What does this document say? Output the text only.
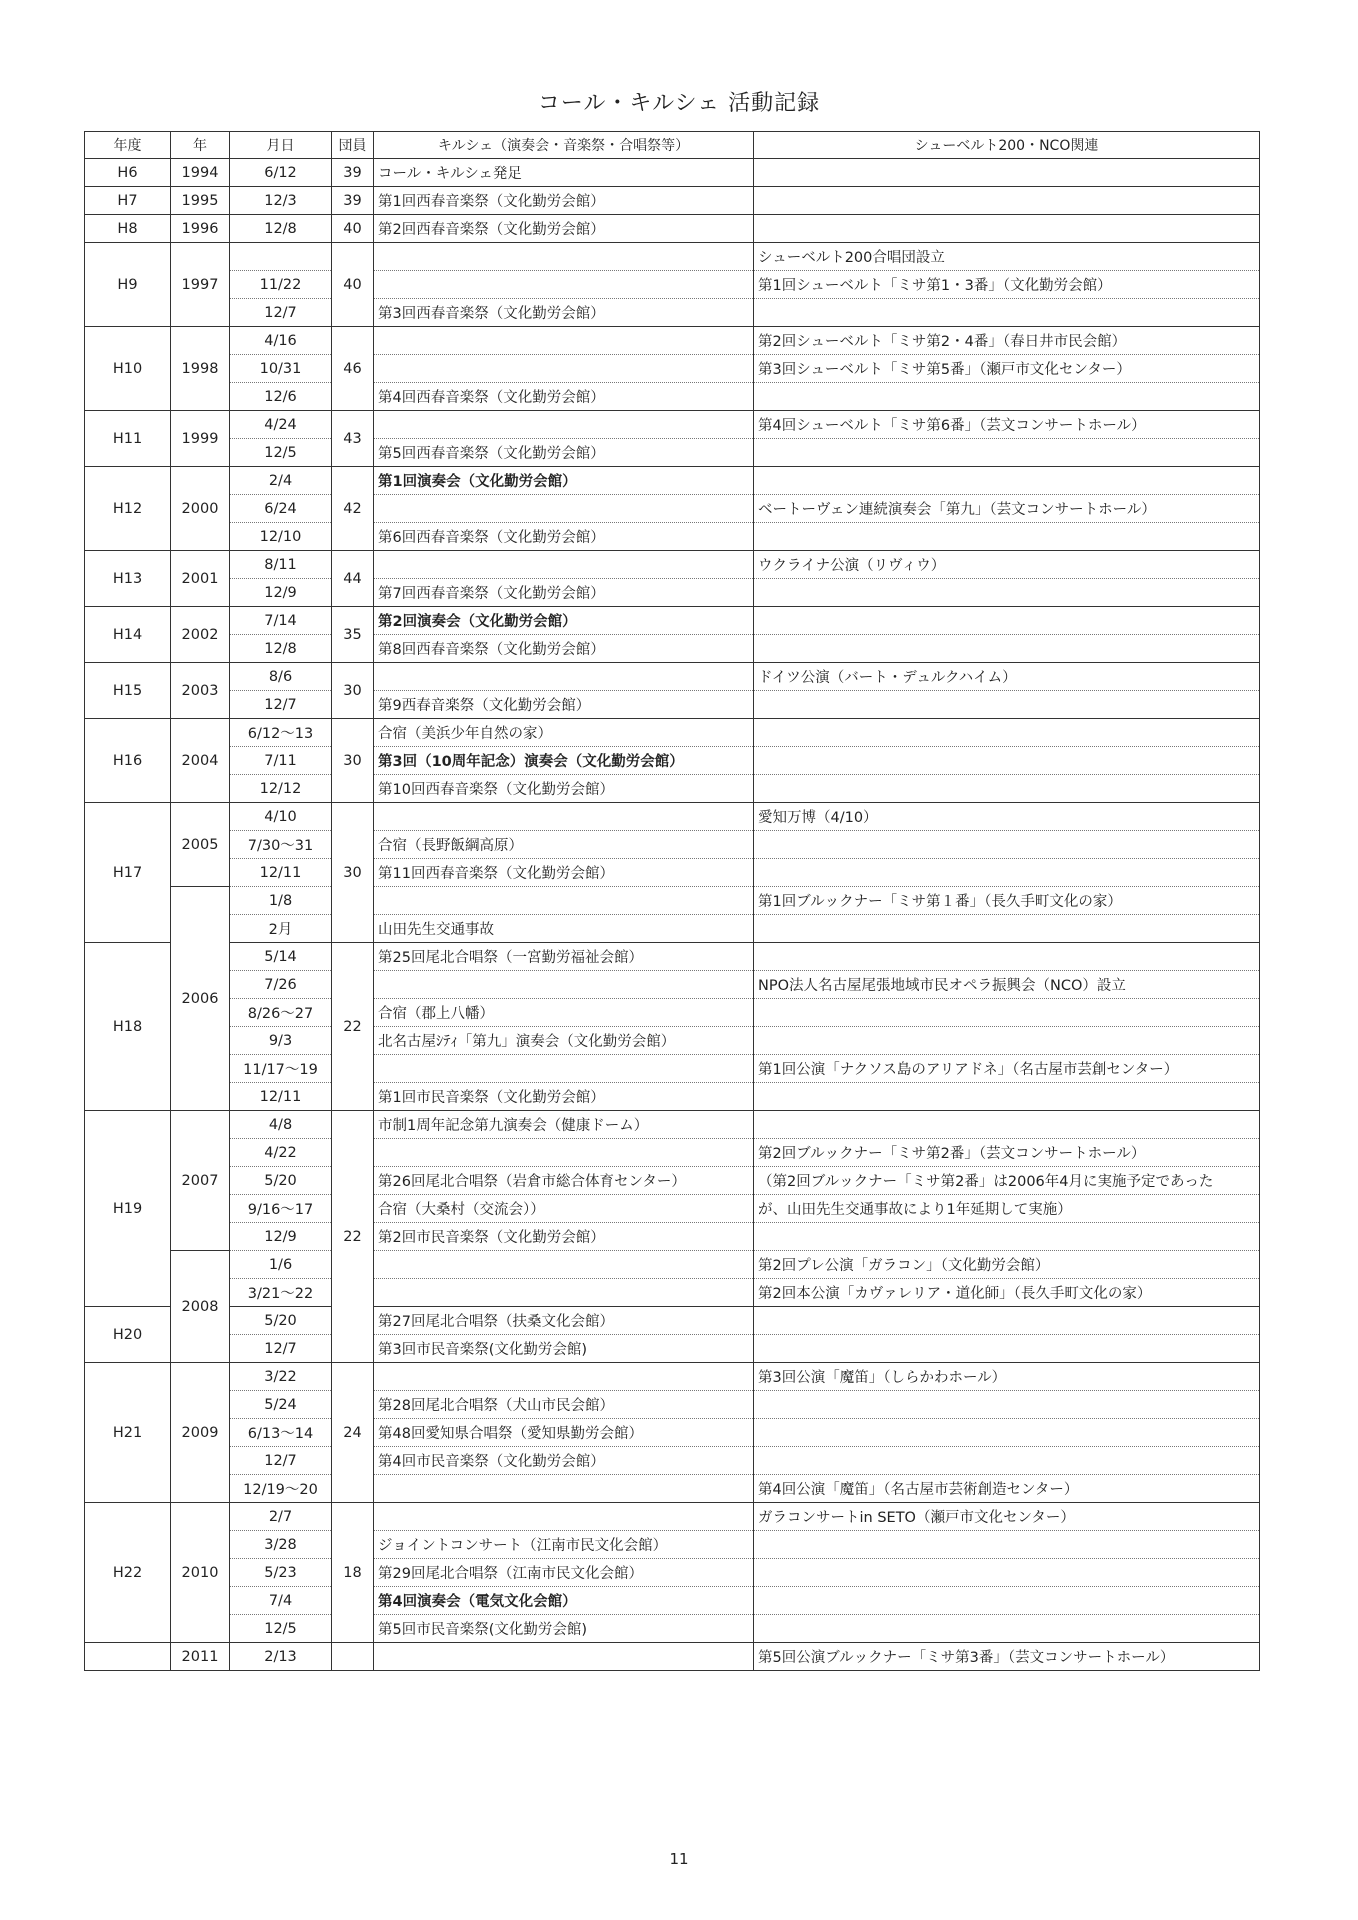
コール・キルシェ 活動記録
年度	年	月日	団員	キルシェ（演奏会・音楽祭・合唱祭等）	シューベルト200・NCO関連
H6	1994	6/12	39	コール・キルシェ発足	
H7	1995	12/3	39	第1回西春音楽祭（文化勤労会館）	
H8	1996	12/8	40	第2回西春音楽祭（文化勤労会館）	
H9	1997		40		シューベルト200合唱団設立
		11/22			第1回シューベルト「ミサ第1・3番」（文化勤労会館）
		12/7		第3回西春音楽祭（文化勤労会館）	
H10	1998	4/16	46		第2回シューベルト「ミサ第2・4番」（春日井市民会館）
		10/31			第3回シューベルト「ミサ第5番」（瀬戸市文化センター）
		12/6		第4回西春音楽祭（文化勤労会館）	
H11	1999	4/24	43		第4回シューベルト「ミサ第6番」（芸文コンサートホール）
		12/5		第5回西春音楽祭（文化勤労会館）	
H12	2000	2/4	42	第1回演奏会（文化勤労会館）	
		6/24			ベートーヴェン連続演奏会「第九」（芸文コンサートホール）
		12/10		第6回西春音楽祭（文化勤労会館）	
H13	2001	8/11	44		ウクライナ公演（リヴィウ）
		12/9		第7回西春音楽祭（文化勤労会館）	
H14	2002	7/14	35	第2回演奏会（文化勤労会館）	
		12/8		第8回西春音楽祭（文化勤労会館）	
H15	2003	8/6	30		ドイツ公演（バート・デュルクハイム）
		12/7		第9西春音楽祭（文化勤労会館）	
H16	2004	6/12～13	30	合宿（美浜少年自然の家）	
		7/11		第3回（10周年記念）演奏会（文化勤労会館）	
		12/12		第10回西春音楽祭（文化勤労会館）	
H17	2005	4/10	30		愛知万博（4/10）
		7/30～31		合宿（長野飯綱高原）	
		12/11		第11回西春音楽祭（文化勤労会館）	
	2006	1/8			第1回ブルックナー「ミサ第１番」（長久手町文化の家）
		2月		山田先生交通事故	
H18		5/14	22	第25回尾北合唱祭（一宮勤労福祉会館）	
		7/26			NPO法人名古屋尾張地域市民オペラ振興会（NCO）設立
		8/26～27		合宿（郡上八幡）	
		9/3		北名古屋ｼﾃｨ「第九」演奏会（文化勤労会館）	
		11/17～19			第1回公演「ナクソス島のアリアドネ」（名古屋市芸創センター）
		12/11		第1回市民音楽祭（文化勤労会館）	
H19	2007	4/8	22	市制1周年記念第九演奏会（健康ドーム）	
		4/22			第2回ブルックナー「ミサ第2番」（芸文コンサートホール）
		5/20		第26回尾北合唱祭（岩倉市総合体育センター）	（第2回ブルックナー「ミサ第2番」は2006年4月に実施予定であった
		9/16～17		合宿（大桑村（交流会））	が、山田先生交通事故により1年延期して実施）
		12/9		第2回市民音楽祭（文化勤労会館）	
	2008	1/6			第2回プレ公演「ガラコン」（文化勤労会館）
		3/21～22			第2回本公演「カヴァレリア・道化師」（長久手町文化の家）
H20		5/20		第27回尾北合唱祭（扶桑文化会館）	
		12/7		第3回市民音楽祭(文化勤労会館)	
H21	2009	3/22	24		第3回公演「魔笛」（しらかわホール）
		5/24		第28回尾北合唱祭（犬山市民会館）	
		6/13～14		第48回愛知県合唱祭（愛知県勤労会館）	
		12/7		第4回市民音楽祭（文化勤労会館）	
		12/19～20			第4回公演「魔笛」（名古屋市芸術創造センター）
H22	2010	2/7	18		ガラコンサートin SETO（瀬戸市文化センター）
		3/28		ジョイントコンサート（江南市民文化会館）	
		5/23		第29回尾北合唱祭（江南市民文化会館）	
		7/4		第4回演奏会（電気文化会館）	
		12/5		第5回市民音楽祭(文化勤労会館)	
	2011	2/13			第5回公演ブルックナー「ミサ第3番」（芸文コンサートホール）
11
